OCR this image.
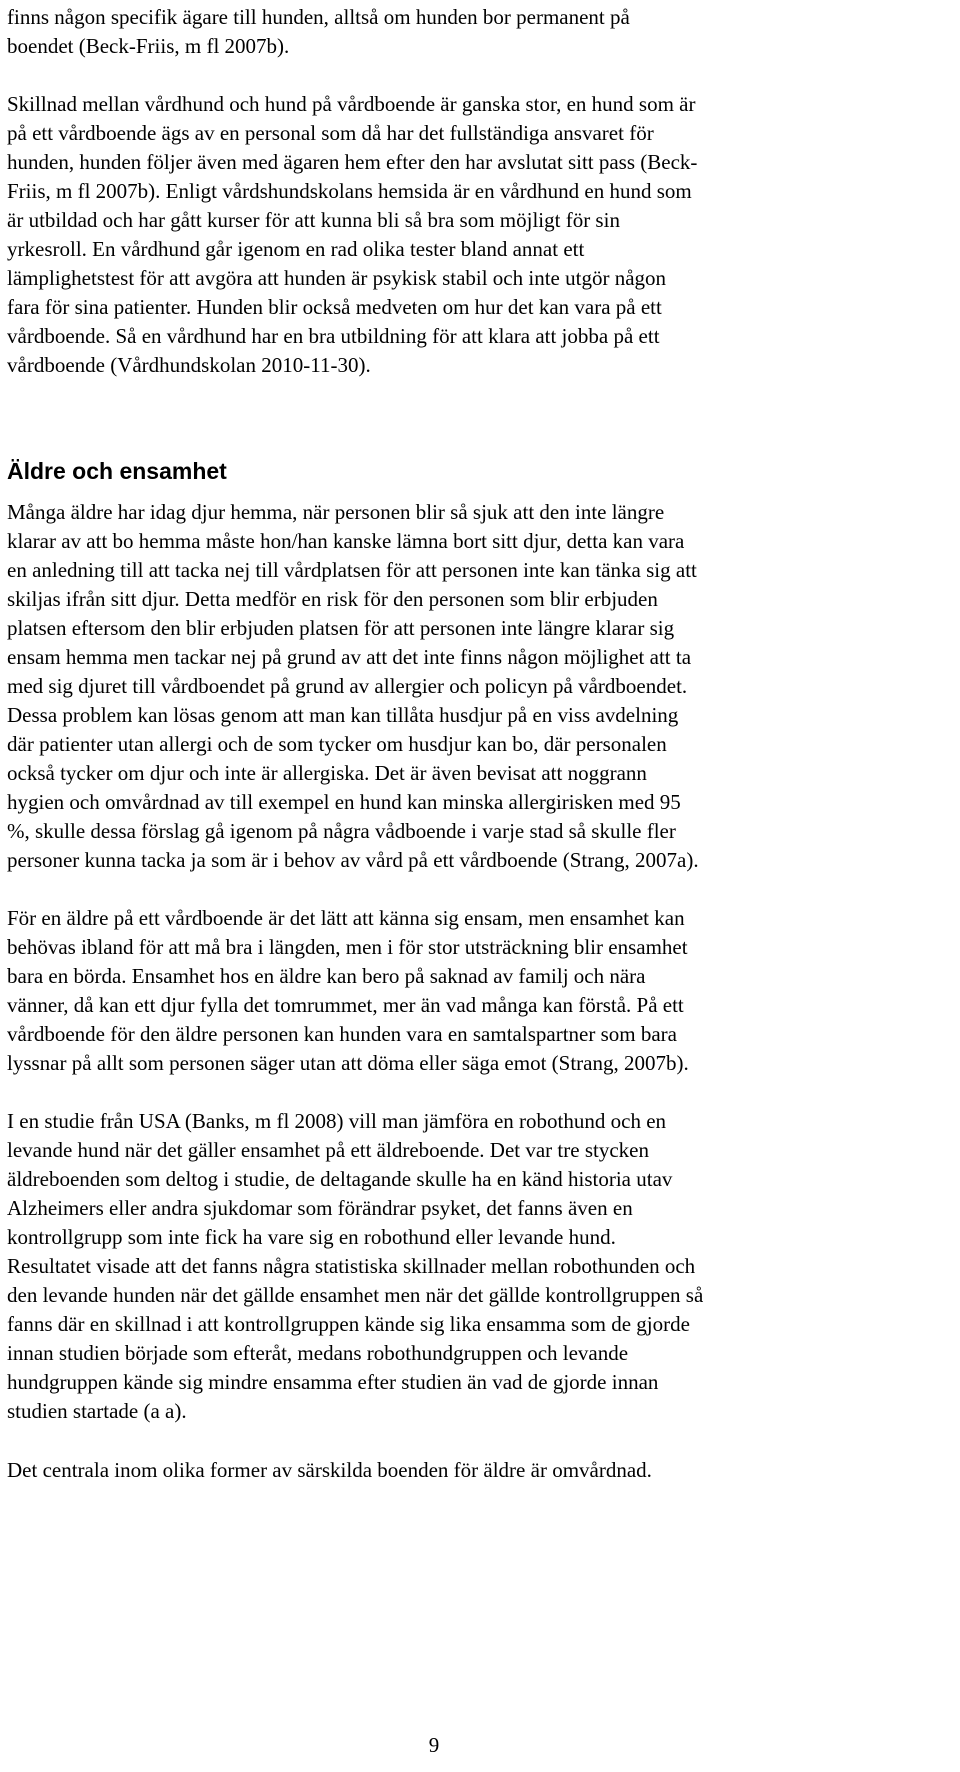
finns någon specifik ägare till hunden, alltså om hunden bor permanent på
boendet (Beck-Friis, m fl 2007b).
Skillnad mellan vårdhund och hund på vårdboende är ganska stor, en hund som är
på ett vårdboende ägs av en personal som då har det fullständiga ansvaret för
hunden, hunden följer även med ägaren hem efter den har avslutat sitt pass (Beck-
Friis, m fl 2007b). Enligt vårdshundskolans hemsida är en vårdhund en hund som
är utbildad och har gått kurser för att kunna bli så bra som möjligt för sin
yrkesroll. En vårdhund går igenom en rad olika tester bland annat ett
lämplighetstest för att avgöra att hunden är psykisk stabil och inte utgör någon
fara för sina patienter. Hunden blir också medveten om hur det kan vara på ett
vårdboende. Så en vårdhund har en bra utbildning för att klara att jobba på ett
vårdboende (Vårdhundskolan 2010-11-30).
Äldre och ensamhet
Många äldre har idag djur hemma, när personen blir så sjuk att den inte längre
klarar av att bo hemma måste hon/han kanske lämna bort sitt djur, detta kan vara
en anledning till att tacka nej till vårdplatsen för att personen inte kan tänka sig att
skiljas ifrån sitt djur. Detta medför en risk för den personen som blir erbjuden
platsen eftersom den blir erbjuden platsen för att personen inte längre klarar sig
ensam hemma men tackar nej på grund av att det inte finns någon möjlighet att ta
med sig djuret till vårdboendet på grund av allergier och policyn på vårdboendet.
Dessa problem kan lösas genom att man kan tillåta husdjur på en viss avdelning
där patienter utan allergi och de som tycker om husdjur kan bo, där personalen
också tycker om djur och inte är allergiska. Det är även bevisat att noggrann
hygien och omvårdnad av till exempel en hund kan minska allergirisken med 95
%, skulle dessa förslag gå igenom på några vådboende i varje stad så skulle fler
personer kunna tacka ja som är i behov av vård på ett vårdboende (Strang, 2007a).
För en äldre på ett vårdboende är det lätt att känna sig ensam, men ensamhet kan
behövas ibland för att må bra i längden, men i för stor utsträckning blir ensamhet
bara en börda. Ensamhet hos en äldre kan bero på saknad av familj och nära
vänner, då kan ett djur fylla det tomrummet, mer än vad många kan förstå. På ett
vårdboende för den äldre personen kan hunden vara en samtalspartner som bara
lyssnar på allt som personen säger utan att döma eller säga emot (Strang, 2007b).
I en studie från USA (Banks, m fl 2008) vill man jämföra en robothund och en
levande hund när det gäller ensamhet på ett äldreboende. Det var tre stycken
äldreboenden som deltog i studie, de deltagande skulle ha en känd historia utav
Alzheimers eller andra sjukdomar som förändrar psyket, det fanns även en
kontrollgrupp som inte fick ha vare sig en robothund eller levande hund.
Resultatet visade att det fanns några statistiska skillnader mellan robothunden och
den levande hunden när det gällde ensamhet men när det gällde kontrollgruppen så
fanns där en skillnad i att kontrollgruppen kände sig lika ensamma som de gjorde
innan studien började som efteråt, medans robothundgruppen och levande
hundgruppen kände sig mindre ensamma efter studien än vad de gjorde innan
studien startade (a a).
Det centrala inom olika former av särskilda boenden för äldre är omvårdnad.
9
